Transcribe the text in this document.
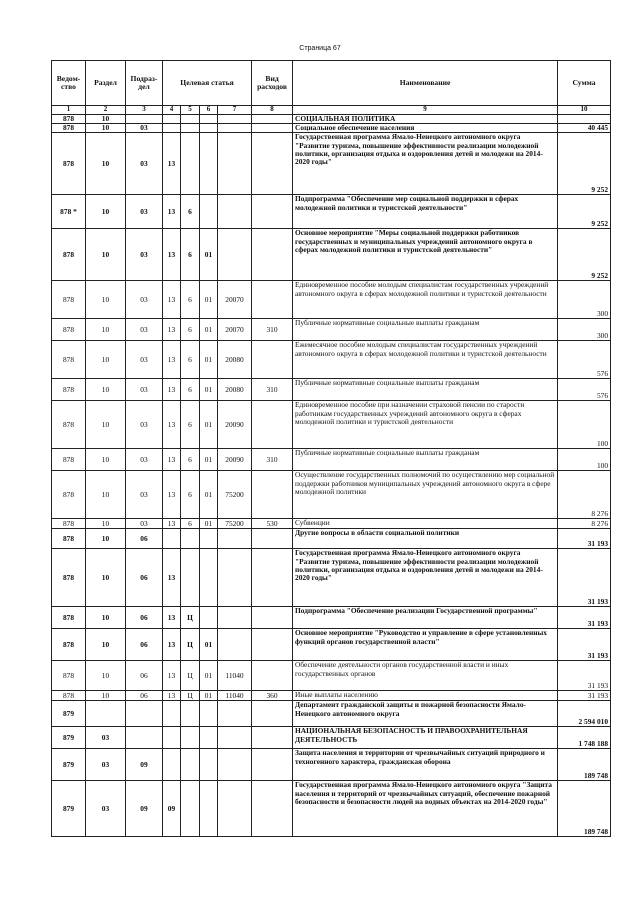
Страница 67
Ведом-ство	Раздел	Подраз-дел	Целевая статья				Вид расходов	Наименование	Сумма
1	2	3	4	5	6	7	8	9	10
878	10							СОЦИАЛЬНАЯ ПОЛИТИКА	
878	10	03						Социальное обеспечение населения	40 445
878	10	03	13					Государственная программа Ямало-Ненецкого автономного округа "Развитие туризма, повышение эффективности реализации молодежной политики, организация отдыха и оздоровления детей и молодежи на 2014-2020 годы"	9 252
878 *	10	03	13	6				Подпрограмма "Обеспечение мер социальной поддержки в сферах молодежной политики и туристской деятельности"	9 252
878	10	03	13	6	01			Основное мероприятие "Меры социальной поддержки работников государственных и муниципальных учреждений автономного округа в сферах молодежной политики и туристской деятельности"	9 252
878	10	03	13	6	01	20070		Единовременное пособие молодым специалистам государственных учреждений автономного округа в сферах молодежной политики и туристской деятельности	300
878	10	03	13	6	01	20070	310	Публичные нормативные социальные выплаты гражданам	300
878	10	03	13	6	01	20080		Ежемесячное пособие молодым специалистам государственных учреждений автономного округа в сферах молодежной политики и туристской деятельности	576
878	10	03	13	6	01	20080	310	Публичные нормативные социальные выплаты гражданам	576
878	10	03	13	6	01	20090		Единовременное пособие при назначении страховой пенсии по старости работникам государственных учреждений автономного округа в сферах молодежной политики и туристской деятельности	100
878	10	03	13	6	01	20090	310	Публичные нормативные социальные выплаты гражданам	100
878	10	03	13	6	01	75200		Осуществление государственных полномочий по осуществлению мер социальной поддержки работников муниципальных учреждений автономного округа в сфере молодежной политики	8 276
878	10	03	13	6	01	75200	530	Субвенции	8 276
878	10	06						Другие вопросы в области социальной политики	31 193
878	10	06	13					Государственная программа Ямало-Ненецкого автономного округа "Развитие туризма, повышение эффективности реализации молодежной политики, организация отдыха и оздоровления детей и молодежи на 2014-2020 годы"	31 193
878	10	06	13	Ц				Подпрограмма "Обеспечение реализации Государственной программы"	31 193
878	10	06	13	Ц	01			Основное мероприятие "Руководство и управление в сфере установленных функций органов государственной власти"	31 193
878	10	06	13	Ц	01	11040		Обеспечение деятельности органов государственной власти и иных государственных органов	31 193
878	10	06	13	Ц	01	11040	360	Иные выплаты населению	31 193
879								Департамент гражданской защиты и пожарной безопасности Ямало-Ненецкого автономного округа	2 594 010
879	03							НАЦИОНАЛЬНАЯ БЕЗОПАСНОСТЬ И ПРАВООХРАНИТЕЛЬНАЯ ДЕЯТЕЛЬНОСТЬ	1 748 188
879	03	09						Защита населения и территории от чрезвычайных ситуаций природного и техногенного характера, гражданская оборона	189 748
879	03	09	09					Государственная программа Ямало-Ненецкого автономного округа "Защита населения и территорий от чрезвычайных ситуаций, обеспечение пожарной безопасности и безопасности людей на водных объектах на 2014-2020 годы"	189 748
